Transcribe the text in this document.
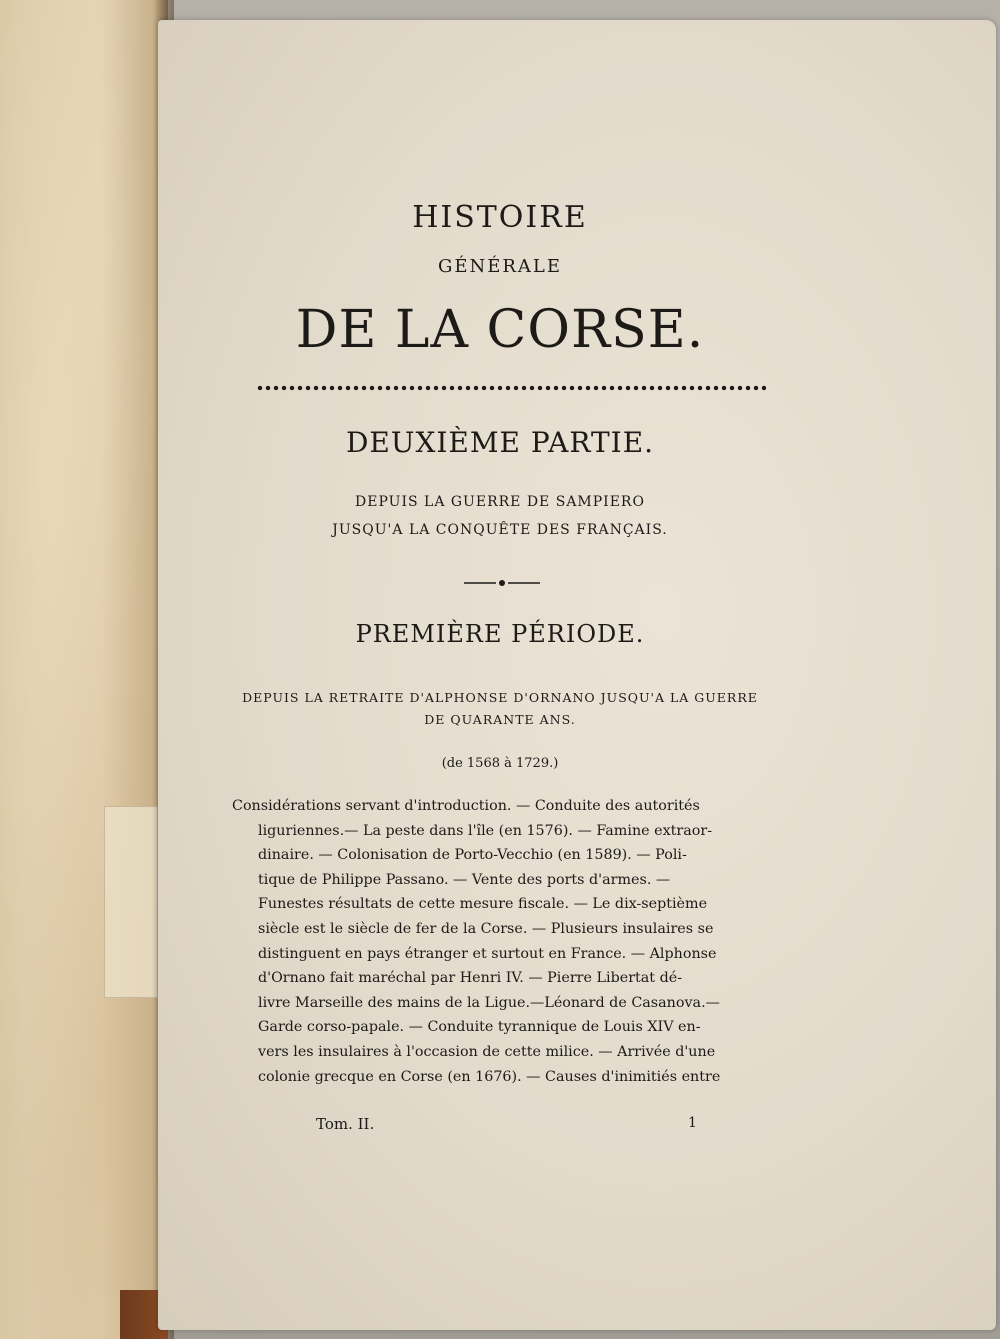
HISTOIRE
GÉNÉRALE
DE LA CORSE.
DEUXIÈME PARTIE.
DEPUIS LA GUERRE DE SAMPIERO
JUSQU'A LA CONQUÊTE DES FRANÇAIS.
PREMIÈRE PÉRIODE.
DEPUIS LA RETRAITE D'ALPHONSE D'ORNANO JUSQU'A LA GUERRE
DE QUARANTE ANS.
(de 1568 à 1729.)
Considérations servant d'introduction. — Conduite des autorités
liguriennes.— La peste dans l'île (en 1576). — Famine extraor-
dinaire. — Colonisation de Porto-Vecchio (en 1589). — Poli-
tique de Philippe Passano. — Vente des ports d'armes. —
Funestes résultats de cette mesure fiscale. — Le dix-septième
siècle est le siècle de fer de la Corse. — Plusieurs insulaires se
distinguent en pays étranger et surtout en France. — Alphonse
d'Ornano fait maréchal par Henri IV. — Pierre Libertat dé-
livre Marseille des mains de la Ligue.—Léonard de Casanova.—
Garde corso-papale. — Conduite tyrannique de Louis XIV en-
vers les insulaires à l'occasion de cette milice. — Arrivée d'une
colonie grecque en Corse (en 1676). — Causes d'inimitiés entre
Tom. II.	1
